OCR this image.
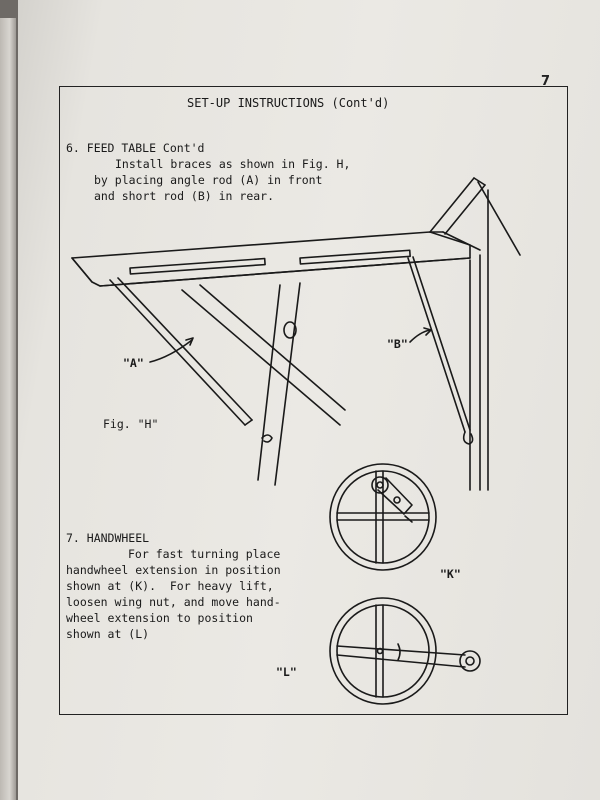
7
SET-UP INSTRUCTIONS (Cont'd)
6. FEED TABLE Cont'd
Install braces as shown in Fig. H,
by placing angle rod (A) in front
and short rod (B) in rear.
Fig. "H"
"A"
"B"
7. HANDWHEEL
For fast turning place
handwheel extension in position
shown at (K).  For heavy lift,
loosen wing nut, and move hand-
wheel extension to position
shown at (L)
"K"
"L"
